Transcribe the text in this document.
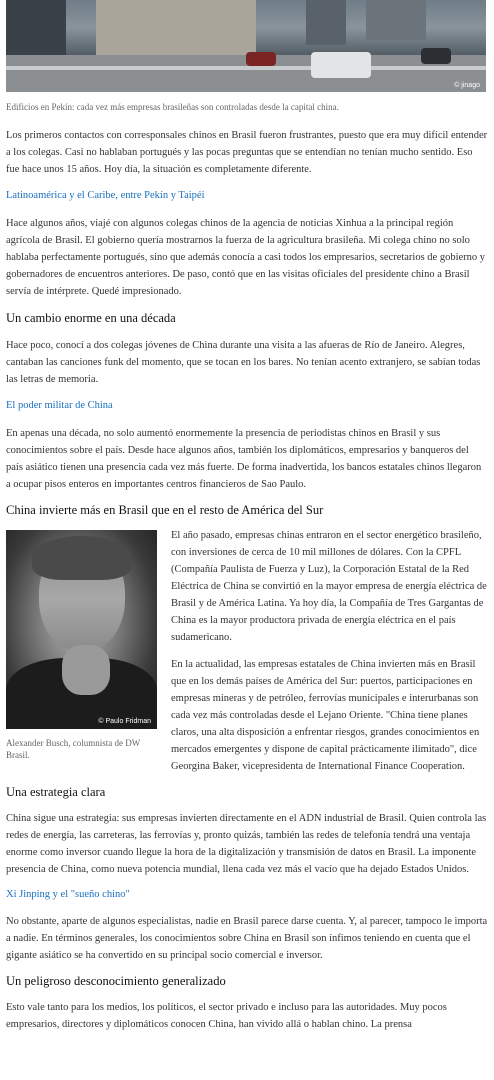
© jinago
Edificios en Pekín: cada vez más empresas brasileñas son controladas desde la capital china.

Los primeros contactos con corresponsales chinos en Brasil fueron frustrantes, puesto que era muy difícil entender a los colegas. Casi no hablaban portugués y las pocas preguntas que se entendían no tenían mucho sentido. Eso fue hace unos 15 años. Hoy día, la situación es completamente diferente.

Latinoamérica y el Caribe, entre Pekín y Taipéi

Hace algunos años, viajé con algunos colegas chinos de la agencia de noticias Xinhua a la principal región agrícola de Brasil. El gobierno quería mostrarnos la fuerza de la agricultura brasileña. Mi colega chino no solo hablaba perfectamente portugués, sino que además conocía a casi todos los empresarios, secretarios de gobierno y gobernadores de encuentros anteriores. De paso, contó que en las visitas oficiales del presidente chino a Brasil servía de intérprete. Quedé impresionado.

Un cambio enorme en una década

Hace poco, conocí a dos colegas jóvenes de China durante una visita a las afueras de Río de Janeiro. Alegres, cantaban las canciones funk del momento, que se tocan en los bares. No tenían acento extranjero, se sabían todas las letras de memoria.

El poder militar de China

En apenas una década, no solo aumentó enormemente la presencia de periodistas chinos en Brasil y sus conocimientos sobre el país. Desde hace algunos años, también los diplomáticos, empresarios y banqueros del país asiático tienen una presencia cada vez más fuerte. De forma inadvertida, los bancos estatales chinos llegaron a ocupar pisos enteros en importantes centros financieros de Sao Paulo.

China invierte más en Brasil que en el resto de América del Sur
© Paulo Fridman
Alexander Busch, columnista de DW Brasil.

El año pasado, empresas chinas entraron en el sector energético brasileño, con inversiones de cerca de 10 mil millones de dólares. Con la CPFL (Compañía Paulista de Fuerza y Luz), la Corporación Estatal de la Red Eléctrica de China se convirtió en la mayor empresa de energía eléctrica de Brasil y de América Latina. Ya hoy día, la Compañía de Tres Gargantas de China es la mayor productora privada de energía eléctrica en el país sudamericano.

En la actualidad, las empresas estatales de China invierten más en Brasil que en los demás países de América del Sur: puertos, participaciones en empresas mineras y de petróleo, ferrovías municipales e interurbanas son cada vez más controladas desde el Lejano Oriente. "China tiene planes claros, una alta disposición a enfrentar riesgos, grandes conocimientos en mercados emergentes y dispone de capital prácticamente ilimitado", dice Georgina Baker, vicepresidenta de International Finance Cooperation.

Una estrategia clara

China sigue una estrategia: sus empresas invierten directamente en el ADN industrial de Brasil. Quien controla las redes de energía, las carreteras, las ferrovías y, pronto quizás, también las redes de telefonía tendrá una ventaja enorme como inversor cuando llegue la hora de la digitalización y transmisión de datos en Brasil. La imponente presencia de China, como nueva potencia mundial, llena cada vez más el vacío que ha dejado Estados Unidos.

Xi Jinping y el "sueño chino"

No obstante, aparte de algunos especialistas, nadie en Brasil parece darse cuenta. Y, al parecer, tampoco le importa a nadie. En términos generales, los conocimientos sobre China en Brasil son ínfimos teniendo en cuenta que el gigante asiático se ha convertido en su principal socio comercial e inversor.

Un peligroso desconocimiento generalizado

Esto vale tanto para los medios, los políticos, el sector privado e incluso para las autoridades. Muy pocos empresarios, directores y diplomáticos conocen China, han vivido allá o hablan chino. La prensa
